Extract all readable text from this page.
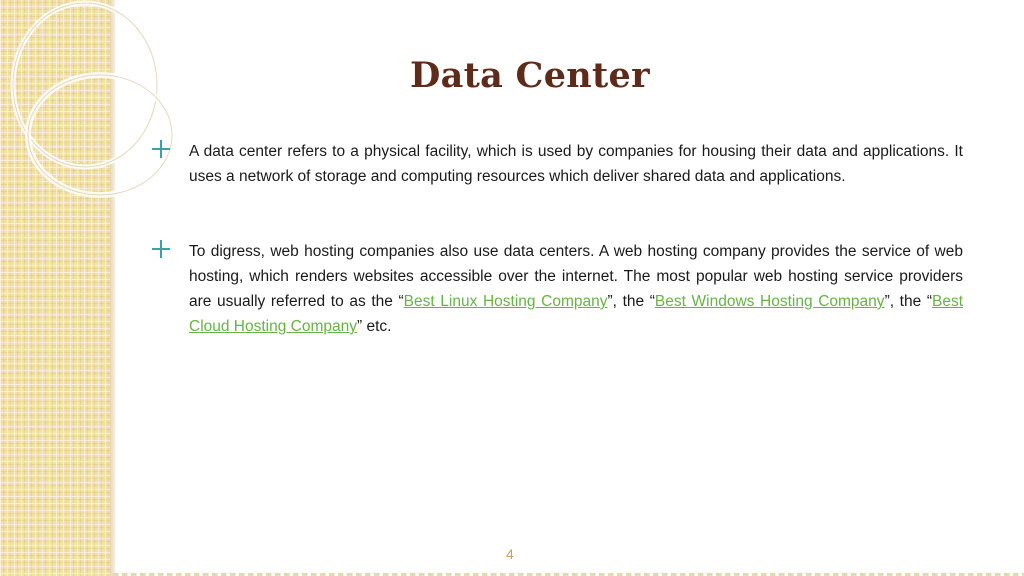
Data Center
A data center refers to a physical facility, which is used by companies for housing their data and applications. It uses a network of storage and computing resources which deliver shared data and applications.
To digress, web hosting companies also use data centers. A web hosting company provides the service of web hosting, which renders websites accessible over the internet. The most popular web hosting service providers are usually referred to as the “Best Linux Hosting Company”, the “Best Windows Hosting Company”, the “Best Cloud Hosting Company” etc.
4
